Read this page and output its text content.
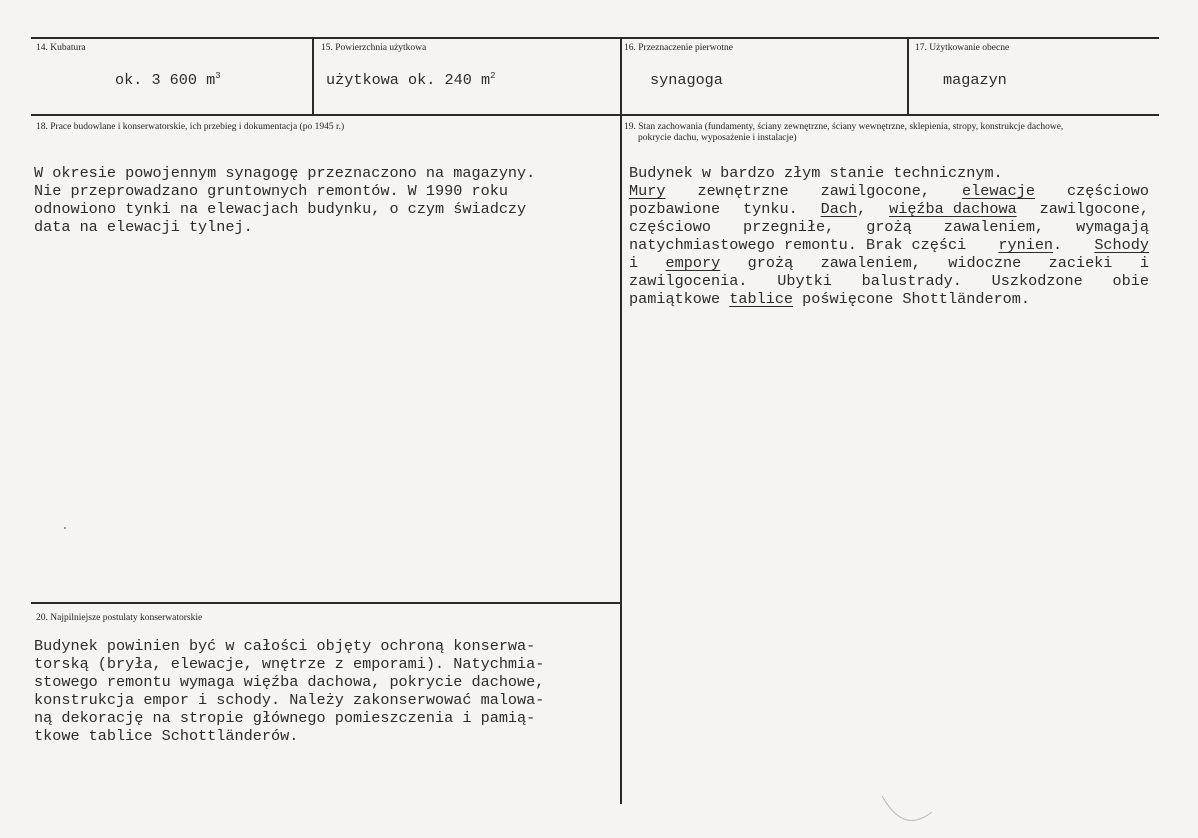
14. Kubatura
ok. 3 600 $m^3$
15. Powierzchnia użytkowa
użytkowa ok. 240 $m^2$
16. Przeznaczenie pierwotne
synagoga
17. Użytkowanie obecne
magazyn
18. Prace budowlane i konserwatorskie, ich przebieg i dokumentacja (po 1945 r.)
W okresie powojennym synagogę przeznaczono na magazyny.
Nie przeprowadzano gruntownych remontów. W 1990 roku
odnowiono tynki na elewacjach budynku, o czym świadczy
data na elewacji tylnej.
19. Stan zachowania (fundamenty, ściany zewnętrzne, ściany wewnętrzne, sklepienia, stropy, konstrukcje dachowe,
pokrycie dachu, wyposażenie i instalacje)
Budynek w bardzo złym stanie technicznym.
Mury zewnętrzne zawilgocone, elewacje częściowo
pozbawione tynku. Dach, więźba dachowa zawilgocone,
częściowo przegniłe, grożą zawaleniem, wymagają
natychmiastowego remontu. Brak części rynien. Schody
i empory grożą zawaleniem, widoczne zacieki i
zawilgocenia. Ubytki balustrady. Uszkodzone obie
pamiątkowe tablice poświęcone Shottländerom.
20. Najpilniejsze postulaty konserwatorskie
Budynek powinien być w całości objęty ochroną konserwa-
torską (bryła, elewacje, wnętrze z emporami). Natychmia-
stowego remontu wymaga więźba dachowa, pokrycie dachowe,
konstrukcja empor i schody. Należy zakonserwować malowa-
ną dekorację na stropie głównego pomieszczenia i pamią-
tkowe tablice Schottländerów.
